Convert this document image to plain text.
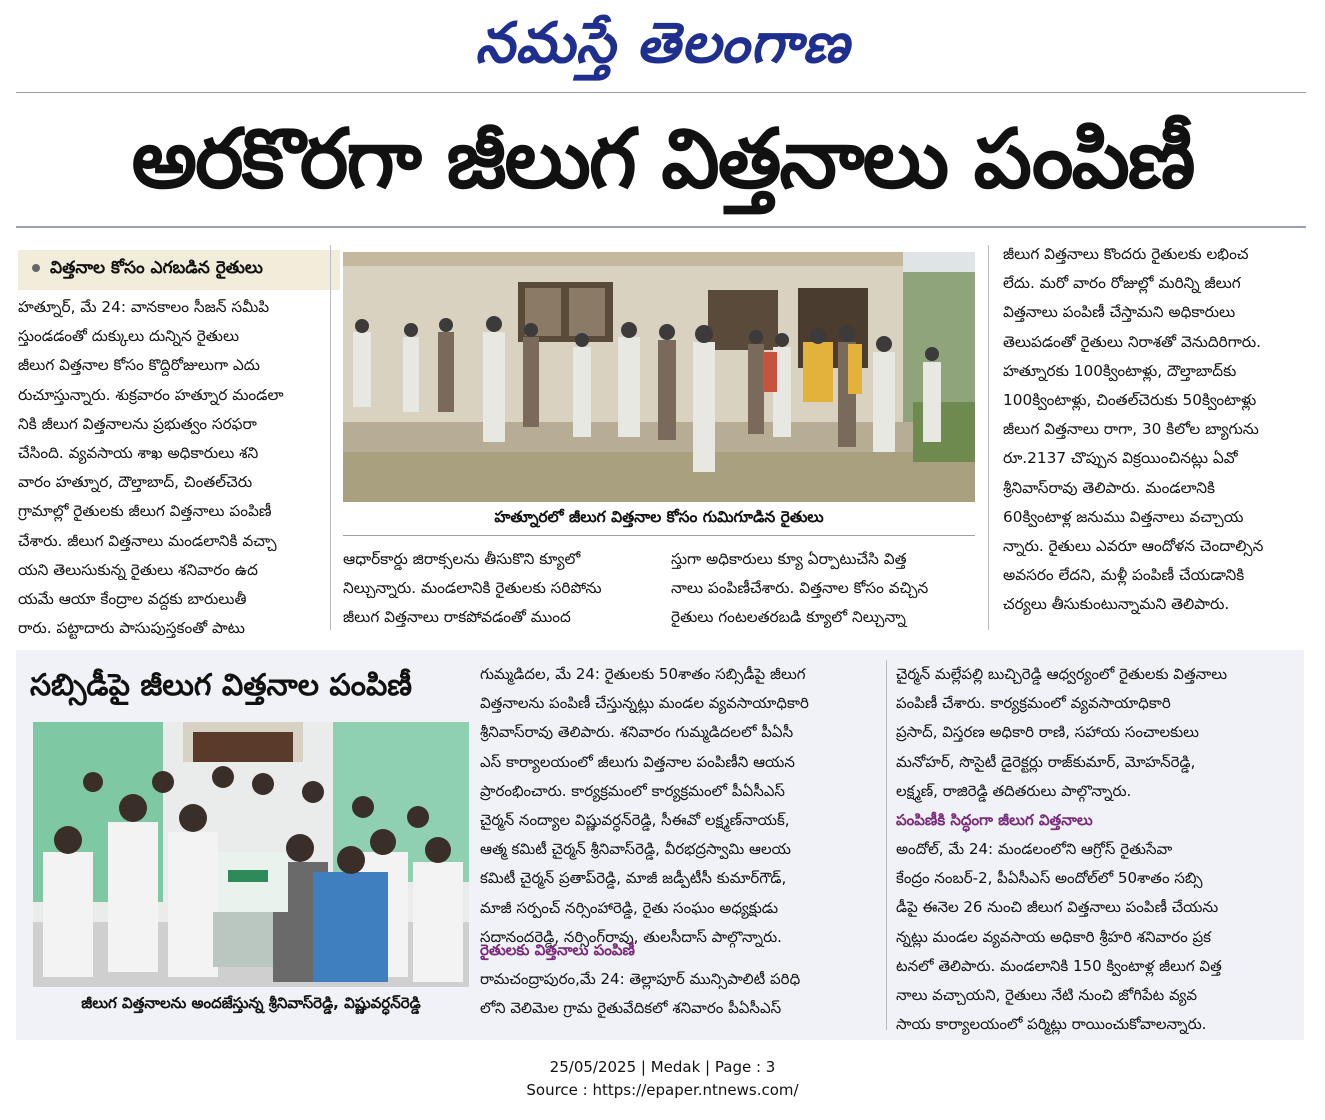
నమస్తే తెలంగాణ
అరకొరగా జీలుగ విత్తనాలు పంపిణీ
విత్తనాల కోసం ఎగబడిన రైతులు

హత్నూర్, మే 24: వానకాలం సీజన్ సమీపి

స్తుండడంతో దుక్కులు దున్నిన రైతులు

జీలుగ విత్తనాల కోసం కొద్దిరోజులుగా ఎదు

రుచూస్తున్నారు. శుక్రవారం హత్నూర మండలా

నికి జీలుగ విత్తనాలను ప్రభుత్వం సరఫరా

చేసింది. వ్యవసాయ శాఖ అధికారులు శని

వారం హత్నూర, దౌల్తాబాద్, చింతల్‌చెరు

గ్రామాల్లో రైతులకు జీలుగ విత్తనాలు పంపిణీ

చేశారు. జీలుగ విత్తనాలు మండలానికి వచ్చా

యని తెలుసుకున్న రైతులు శనివారం ఉద

యమే ఆయా కేంద్రాల వద్దకు బారులుతీ

రారు. పట్టాదారు పాసుపుస్తకంతో పాటు

హత్నూరలో జీలుగ విత్తనాల కోసం గుమిగూడిన రైతులు

ఆధార్‌కార్డు జిరాక్సలను తీసుకొని క్యూలో

నిల్చున్నారు. మండలానికి రైతులకు సరిపోను

జీలుగ విత్తనాలు రాకపోవడంతో ముంద

స్తుగా అధికారులు క్యూ ఏర్పాటుచేసి విత్త

నాలు పంపిణీచేశారు. విత్తనాల కోసం వచ్చిన

రైతులు గంటలతరబడి క్యూలో నిల్చున్నా

జీలుగ విత్తనాలు కొందరు రైతులకు లభించ

లేదు. మరో వారం రోజుల్లో మరిన్ని జీలుగ

విత్తనాలు పంపిణీ చేస్తామని అధికారులు

తెలుపడంతో రైతులు నిరాశతో వెనుదిరిగారు.

హత్నూరకు 100క్వింటాళ్లు, దౌల్తాబాద్‌కు

100క్వింటాళ్లు, చింతల్‌చెరుకు 50క్వింటాళ్లు

జీలుగ విత్తనాలు రాగా, 30 కిలోల బ్యాగును

రూ.2137 చొప్పున విక్రయించినట్లు ఏవో

శ్రీనివాస్‌రావు తెలిపారు. మండలానికి

60క్వింటాళ్ల జనుము విత్తనాలు వచ్చాయ

న్నారు. రైతులు ఎవరూ ఆందోళన చెందాల్సిన

అవసరం లేదని, మళ్లీ పంపిణీ చేయడానికి

చర్యలు తీసుకుంటున్నామని తెలిపారు.

సబ్సిడీపై జీలుగ విత్తనాల పంపిణీ
జీలుగ విత్తనాలను అందజేస్తున్న శ్రీనివాస్‌రెడ్డి, విష్ణువర్ధన్‌రెడ్డి

గుమ్మడిదల, మే 24: రైతులకు 50శాతం సబ్సిడీపై జీలుగ

విత్తనాలను పంపిణీ చేస్తున్నట్లు మండల వ్యవసాయాధికారి

శ్రీనివాస్‌రావు తెలిపారు. శనివారం గుమ్మడిదలలో పీఏసీ

ఎస్ కార్యాలయంలో జీలుగు విత్తనాల పంపిణీని ఆయన

ప్రారంభించారు. కార్యక్రమంలో కార్యక్రమంలో పీఏసీఎస్

చైర్మన్ నంద్యాల విష్ణువర్ధన్‌రెడ్డి, సీఈవో లక్ష్మణ్‌నాయక్,

ఆత్మ కమిటీ చైర్మన్ శ్రీనివాస్‌రెడ్డి, వీరభద్రస్వామి ఆలయ

కమిటీ చైర్మన్ ప్రతాప్‌రెడ్డి, మాజీ జడ్పీటీసీ కుమార్‌గౌడ్,

మాజీ సర్పంచ్ నర్సింహారెడ్డి, రైతు సంఘం అధ్యక్షుడు

సదానందరెడ్డి, నర్సింగ్‌రావు, తులసీదాస్ పాల్గొన్నారు.

రైతులకు విత్తనాలు పంపిణీ

రామచంద్రాపురం,మే 24: తెల్లాపూర్ మున్సిపాలిటీ పరిధి

లోని వెలిమెల గ్రామ రైతువేదికలో శనివారం పీఏసీఎస్

చైర్మన్ మల్లేపల్లి బుచ్చిరెడ్డి ఆధ్వర్యంలో రైతులకు విత్తనాలు

పంపిణీ చేశారు. కార్యక్రమంలో వ్యవసాయాధికారి

ప్రసాద్, విస్తరణ అధికారి రాణి, సహాయ సంచాలకులు

మనోహర్, సొసైటీ డైరెక్టర్లు రాజ్‌కుమార్, మోహన్‌రెడ్డి,

లక్ష్మణ్, రాజిరెడ్డి తదితరులు పాల్గొన్నారు.

పంపిణీకి సిద్ధంగా జీలుగ విత్తనాలు

అందోల్, మే 24: మండలంలోని ఆగ్రోస్ రైతుసేవా

కేంద్రం నంబర్-2, పీఏసీఎస్ అందోల్‌లో 50శాతం సబ్సి

డీపై ఈనెల 26 నుంచి జీలుగ విత్తనాలు పంపిణీ చేయను

న్నట్లు మండల వ్యవసాయ అధికారి శ్రీహరి శనివారం ప్రక

టనలో తెలిపారు. మండలానికి 150 క్వింటాళ్ల జీలుగ విత్త

నాలు వచ్చాయని, రైతులు నేటి నుంచి జోగిపేట వ్యవ

సాయ కార్యాలయంలో పర్మిట్లు రాయించుకోవాలన్నారు.

25/05/2025 | Medak | Page : 3
Source : https://epaper.ntnews.com/
